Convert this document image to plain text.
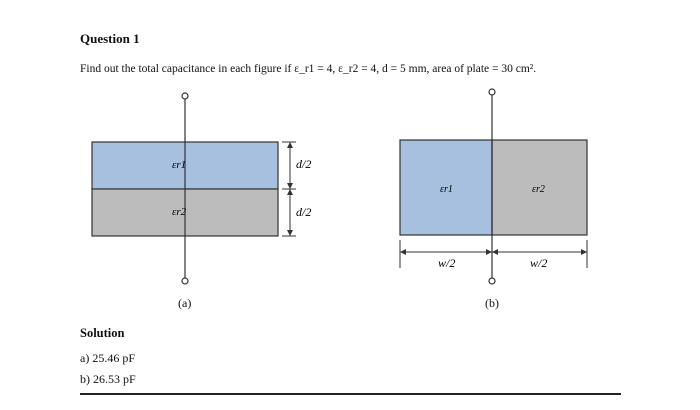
Question 1
Find out the total capacitance in each figure if ε_r1 = 4, ε_r2 = 4, d = 5 mm, area of plate = 30 cm².
εr1
εr2
d/2
d/2
εr1	εr2
w/2	w/2
(a)	(b)
Solution
a) 25.46 pF
b) 26.53 pF
